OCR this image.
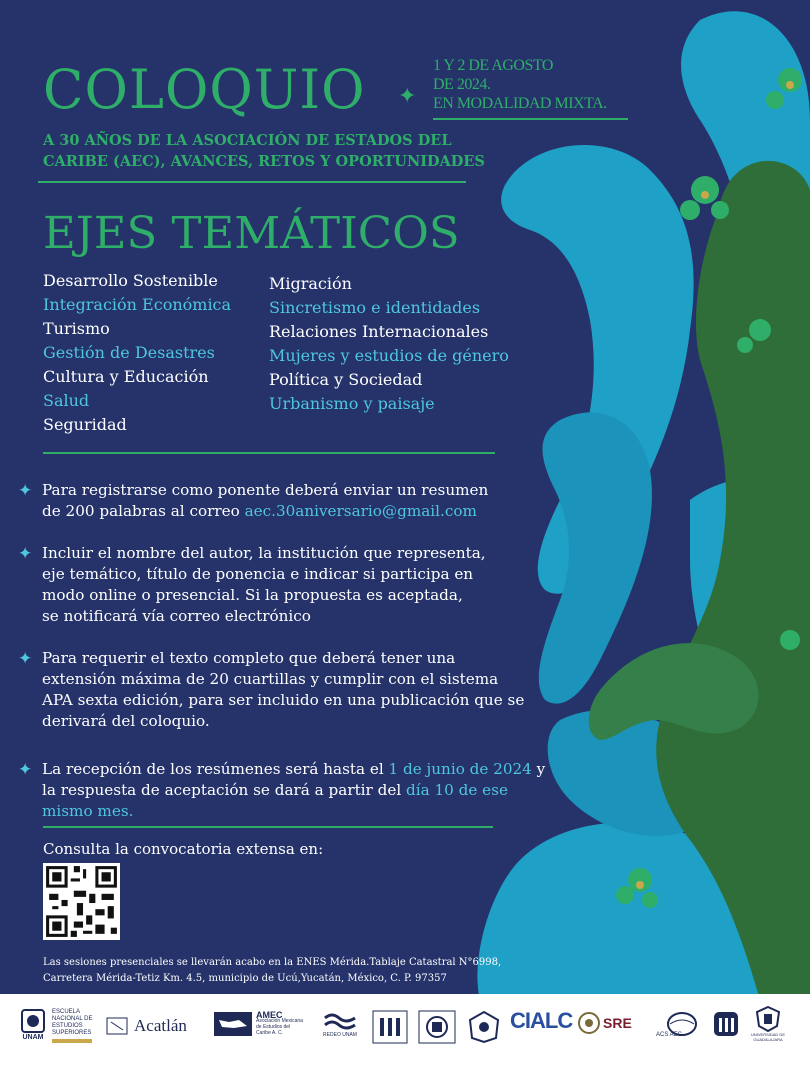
COLOQUIO ✦
1 Y 2 DE AGOSTO
DE 2024.
EN MODALIDAD MIXTA.
A 30 AÑOS DE LA ASOCIACIÓN DE ESTADOS DEL
CARIBE (AEC), AVANCES, RETOS Y OPORTUNIDADES
EJES TEMÁTICOS
Desarrollo Sostenible
Integración Económica
Turismo
Gestión de Desastres
Cultura y Educación
Salud
Seguridad
Migración
Sincretismo e identidades
Relaciones Internacionales
Mujeres y estudios de género
Política y Sociedad
Urbanismo y paisaje
✦ Para registrarse como ponente deberá enviar un resumen
de 200 palabras al correo aec.30aniversario@gmail.com
✦ Incluir el nombre del autor, la institución que representa,
eje temático, título de ponencia e indicar si participa en
modo online o presencial. Si la propuesta es aceptada,
se notificará vía correo electrónico
✦ Para requerir el texto completo que deberá tener una
extensión máxima de 20 cuartillas y cumplir con el sistema
APA sexta edición, para ser incluido en una publicación que se
derivará del coloquio.
✦ La recepción de los resúmenes será hasta el 1 de junio de 2024 y
la respuesta de aceptación se dará a partir del día 10 de ese
mismo mes.
Consulta la convocatoria extensa en:
Las sesiones presenciales se llevarán acabo en la ENES Mérida.Tablaje Catastral N°6998,
Carretera Mérida-Tetiz Km. 4.5, municipio de Ucú,Yucatán, México, C. P. 97357
UNAM
ESCUELA
NACIONAL DE
ESTUDIOS
SUPERIORES	Acatlán
AMEC
Asociación Mexicana
de Estudios del
Caribe A. C.	REDEO UNAM
CIALC SRE
ACS AEC	UNIVERSIDAD DE GUADALAJARA
